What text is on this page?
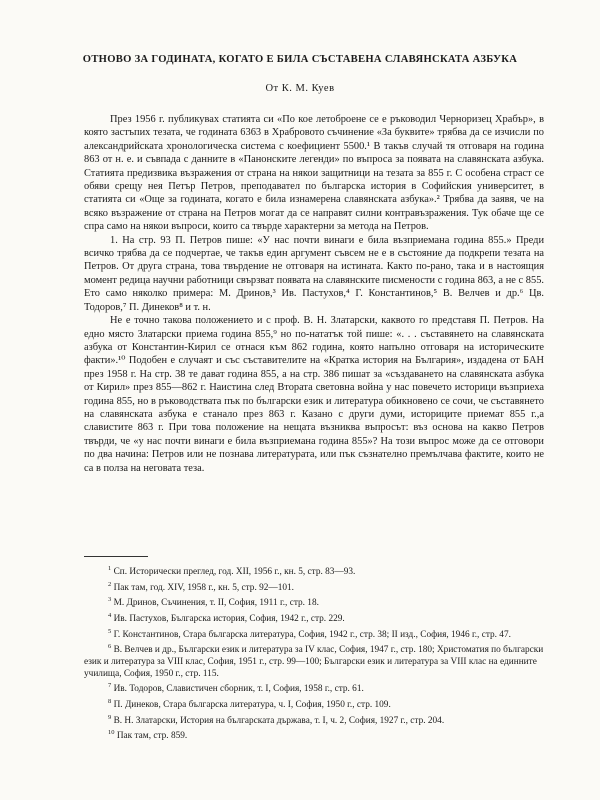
ОТНОВО ЗА ГОДИНАТА, КОГАТО Е БИЛА СЪСТАВЕНА СЛАВЯНСКАТА АЗБУКА
От К. М. Куев

През 1956 г. публикувах статията си «По кое летоброене се е ръководил Черноризец Храбър», в която застъпих тезата, че годината 6363 в Храбровото съчинение «За буквите» трябва да се изчисли по александрийската хронологическа система с коефициент 5500.¹ В такъв случай тя отговаря на година 863 от н. е. и съвпада с данните в «Панонските легенди» по въпроса за появата на славянската азбука. Статията предизвика възражения от страна на някои защитници на тезата за 855 г. С особена страст се обяви срещу нея Петър Петров, преподавател по българска история в Софийския университет, в статията си «Още за годината, когато е била изнамерена славянската азбука».² Трябва да заявя, че на всяко възражение от страна на Петров могат да се направят силни контравъзражения. Тук обаче ще се спра само на някои въпроси, които са твърде характерни за метода на Петров.

1. На стр. 93 П. Петров пише: «У нас почти винаги е била възприемана година 855.» Преди всичко трябва да се подчертае, че такъв един аргумент съвсем не е в състояние да подкрепи тезата на Петров. От друга страна, това твърдение не отговаря на истината. Както по-рано, така и в настоящия момент редица научни работници свързват появата на славянските писмености с година 863, а не с 855. Ето само няколко примера: М. Дринов,³ Ив. Пастухов,⁴ Г. Константинов,⁵ В. Велчев и др.⁶ Цв. Тодоров,⁷ П. Динеков⁸ и т. н.

Не е точно такова положението и с проф. В. Н. Златарски, каквото го представя П. Петров. На едно място Златарски приема година 855,⁹ но по-нататък той пише: «. . . съставянето на славянската азбука от Константин-Кирил се отнася към 862 година, която напълно отговаря на историческите факти».¹⁰ Подобен е случаят и със съставителите на «Кратка история на България», издадена от БАН през 1958 г. На стр. 38 те дават година 855, а на стр. 386 пишат за «създаването на славянската азбука от Кирил» през 855—862 г. Наистина след Втората световна война у нас повечето историци възприеха година 855, но в ръководствата пък по български език и литература обикновено се сочи, че съставянето на славянската азбука е станало през 863 г. Казано с други думи, историците приемат 855 г.,а славистите 863 г. При това положение на нещата възниква въпросът: въз основа на какво Петров твърди, че «у нас почти винаги е била възприемана година 855»? На този въпрос може да се отговори по два начина: Петров или не познава литературата, или пък съзнателно премълчава фактите, които не са в полза на неговата теза.

$^1$ Сп. Исторически преглед, год. XII, 1956 г., кн. 5, стр. 83—93.

$^2$ Пак там, год. XIV, 1958 г., кн. 5, стр. 92—101.

$^3$ М. Дринов, Съчинения, т. II, София, 1911 г., стр. 18.

$^4$ Ив. Пастухов, Българска история, София, 1942 г., стр. 229.

$^5$ Г. Константинов, Стара българска литература, София, 1942 г., стр. 38; II изд., София, 1946 г., стр. 47.

$^6$ В. Велчев и др., Български език и литература за IV клас, София, 1947 г., стр. 180; Христоматия по български език и литература за VIII клас, София, 1951 г., стр. 99—100; Български език и литература за VIII клас на единните училища, София, 1950 г., стр. 115.

$^7$ Ив. Тодоров, Славистичен сборник, т. I, София, 1958 г., стр. 61.

$^8$ П. Динеков, Стара българска литература, ч. I, София, 1950 г., стр. 109.

$^9$ В. Н. Златарски, История на българската държава, т. I, ч. 2, София, 1927 г., стр. 204.

$^{10}$ Пак там, стр. 859.
